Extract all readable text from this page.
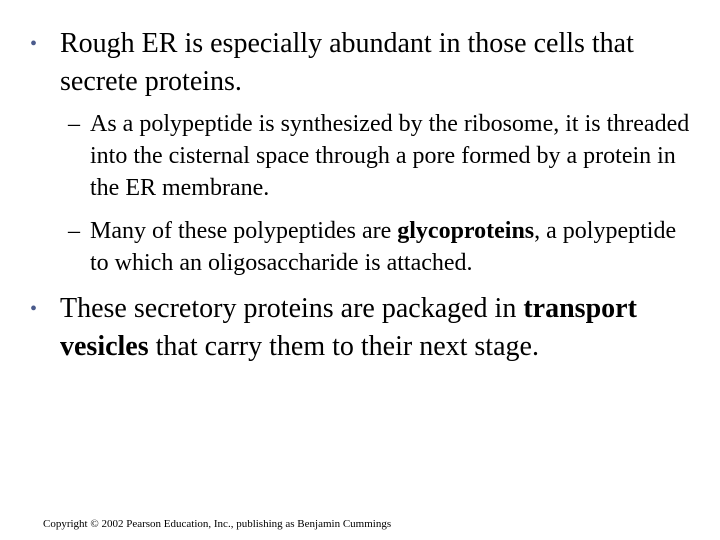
• Rough ER is especially abundant in those cells that secrete proteins.
– As a polypeptide is synthesized by the ribosome, it is threaded into the cisternal space through a pore formed by a protein in the ER membrane.
– Many of these polypeptides are glycoproteins, a polypeptide to which an oligosaccharide is attached.
• These secretory proteins are packaged in transport vesicles that carry them to their next stage.
Copyright © 2002 Pearson Education, Inc., publishing as Benjamin Cummings
